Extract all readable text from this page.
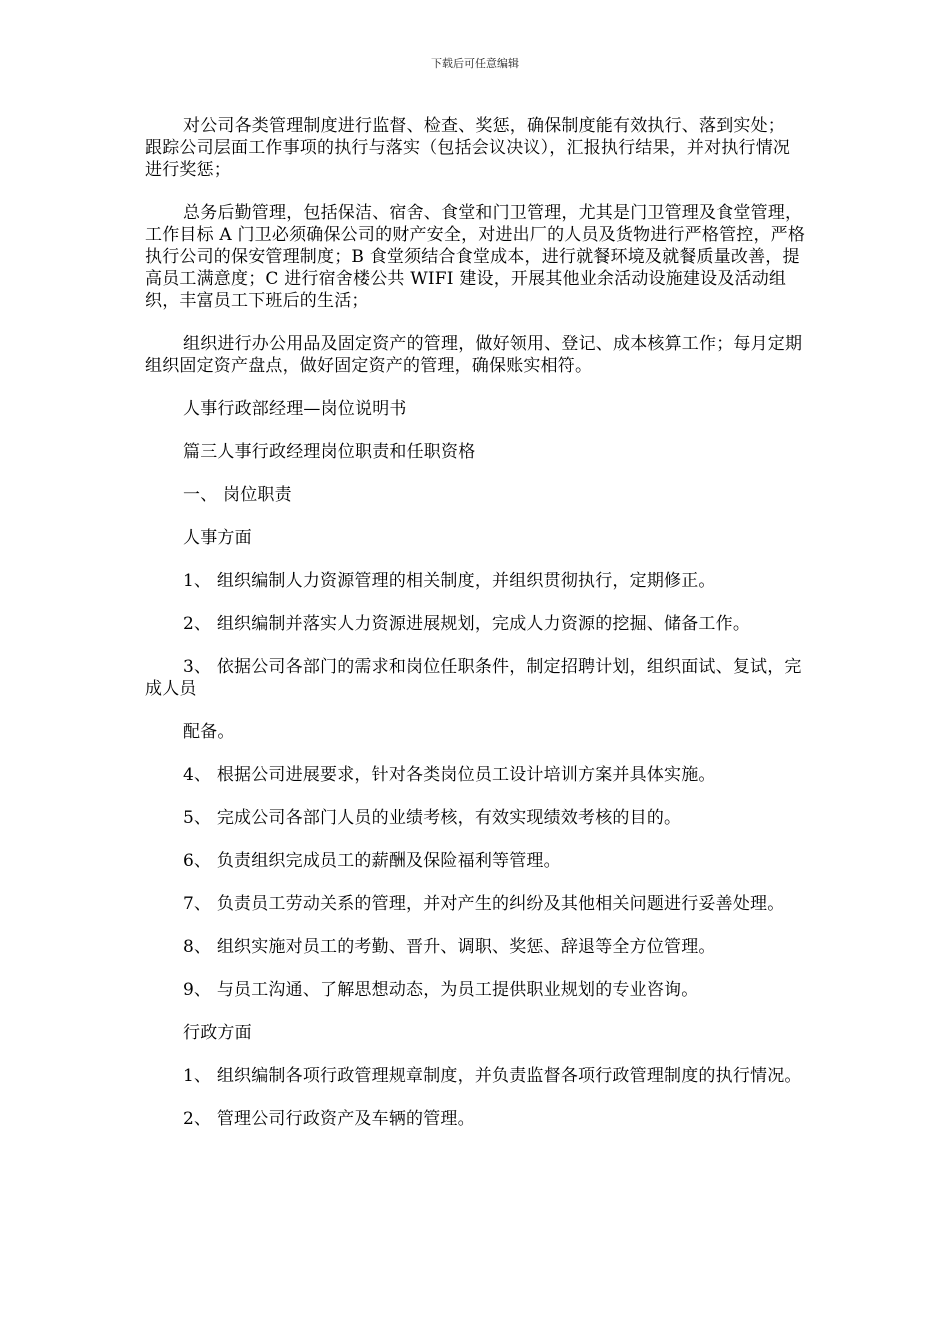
下载后可任意编辑

对公司各类管理制度进行监督、检查、奖惩，确保制度能有效执行、落到实处； 跟踪公司层面工作事项的执行与落实（包括会议决议），汇报执行结果，并对执行情况进行奖惩；

总务后勤管理，包括保洁、宿舍、食堂和门卫管理，尤其是门卫管理及食堂管理，工作目标 A 门卫必须确保公司的财产安全，对进出厂的人员及货物进行严格管控，严格执行公司的保安管理制度；B 食堂须结合食堂成本，进行就餐环境及就餐质量改善，提高员工满意度；C 进行宿舍楼公共 WIFI 建设，开展其他业余活动设施建设及活动组织，丰富员工下班后的生活；

组织进行办公用品及固定资产的管理，做好领用、登记、成本核算工作；每月定期组织固定资产盘点，做好固定资产的管理，确保账实相符。

人事行政部经理—岗位说明书

篇三人事行政经理岗位职责和任职资格

一、 岗位职责

人事方面

1、 组织编制人力资源管理的相关制度，并组织贯彻执行，定期修正。

2、 组织编制并落实人力资源进展规划，完成人力资源的挖掘、储备工作。

3、 依据公司各部门的需求和岗位任职条件，制定招聘计划，组织面试、复试，完成人员

配备。

4、 根据公司进展要求，针对各类岗位员工设计培训方案并具体实施。

5、 完成公司各部门人员的业绩考核，有效实现绩效考核的目的。

6、 负责组织完成员工的薪酬及保险福利等管理。

7、 负责员工劳动关系的管理，并对产生的纠纷及其他相关问题进行妥善处理。

8、 组织实施对员工的考勤、晋升、调职、奖惩、辞退等全方位管理。

9、 与员工沟通、了解思想动态，为员工提供职业规划的专业咨询。

行政方面

1、 组织编制各项行政管理规章制度，并负责监督各项行政管理制度的执行情况。

2、 管理公司行政资产及车辆的管理。
